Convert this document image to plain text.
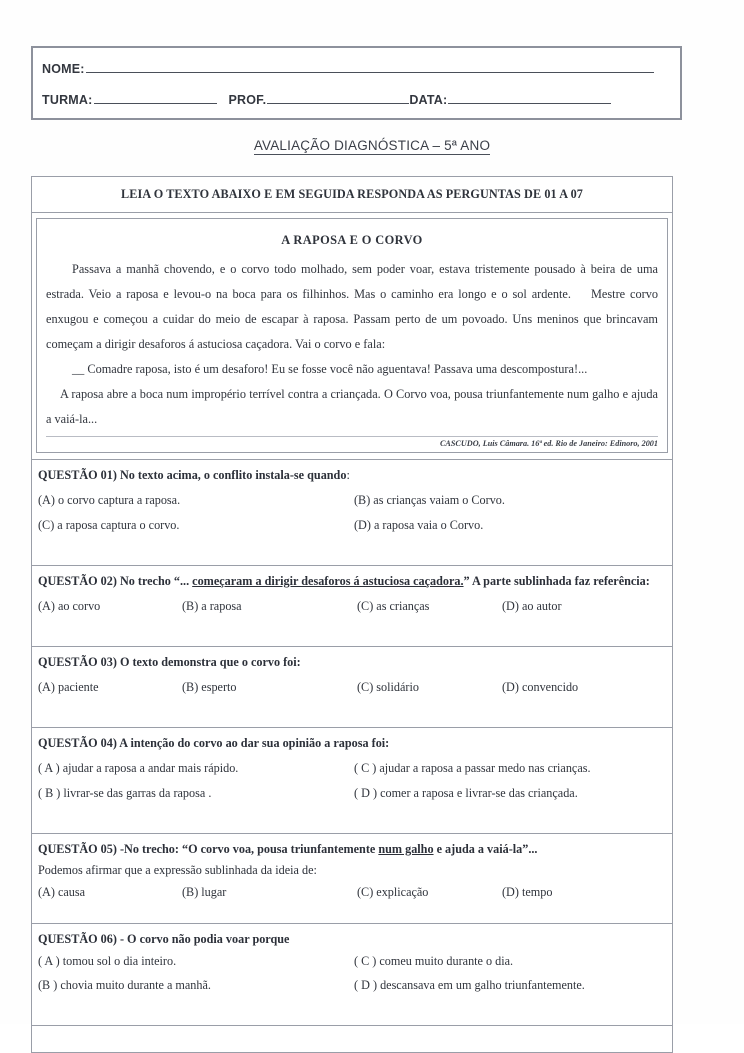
NOME:
TURMA:	PROF.	DATA:
AVALIAÇÃO DIAGNÓSTICA – 5ª ANO
LEIA O TEXTO ABAIXO E EM SEGUIDA RESPONDA AS PERGUNTAS DE 01 A 07
A RAPOSA E O CORVO

Passava a manhã chovendo, e o corvo todo molhado, sem poder voar, estava tristemente pousado à beira de uma estrada. Veio a raposa e levou-o na boca para os filhinhos. Mas o caminho era longo e o sol ardente. Mestre corvo enxugou e começou a cuidar do meio de escapar à raposa. Passam perto de um povoado. Uns meninos que brincavam começam a dirigir desaforos á astuciosa caçadora. Vai o corvo e fala:

__ Comadre raposa, isto é um desaforo! Eu se fosse você não aguentava! Passava uma descompostura!...

A raposa abre a boca num impropério terrível contra a criançada. O Corvo voa, pousa triunfantemente num galho e ajuda a vaiá-la...

CASCUDO, Luis Câmara. 16ª ed. Rio de Janeiro: Edinoro, 2001
QUESTÃO 01) No texto acima, o conflito instala-se quando:
(A) o corvo captura a raposa.	(B) as crianças vaiam o Corvo.
(C) a raposa captura o corvo.	(D) a raposa vaia o Corvo.
QUESTÃO 02) No trecho “... começaram a dirigir desaforos á astuciosa caçadora.” A parte sublinhada faz referência:
(A) ao corvo	(B) a raposa	(C) as crianças	(D) ao autor
QUESTÃO 03) O texto demonstra que o corvo foi:
(A) paciente	(B) esperto	(C) solidário	(D) convencido
QUESTÃO 04) A intenção do corvo ao dar sua opinião a raposa foi:
( A ) ajudar a raposa a andar mais rápido.	( C ) ajudar a raposa a passar medo nas crianças.
( B ) livrar-se das garras da raposa .	( D ) comer a raposa e livrar-se das criançada.
QUESTÃO 05) -No trecho: “O corvo voa, pousa triunfantemente num galho e ajuda a vaiá-la”...
Podemos afirmar que a expressão sublinhada da ideia de:
(A) causa	(B) lugar	(C) explicação	(D) tempo
QUESTÃO 06) - O corvo não podia voar porque
( A ) tomou sol o dia inteiro.	( C ) comeu muito durante o dia.
(B ) chovia muito durante a manhã.	( D ) descansava em um galho triunfantemente.
